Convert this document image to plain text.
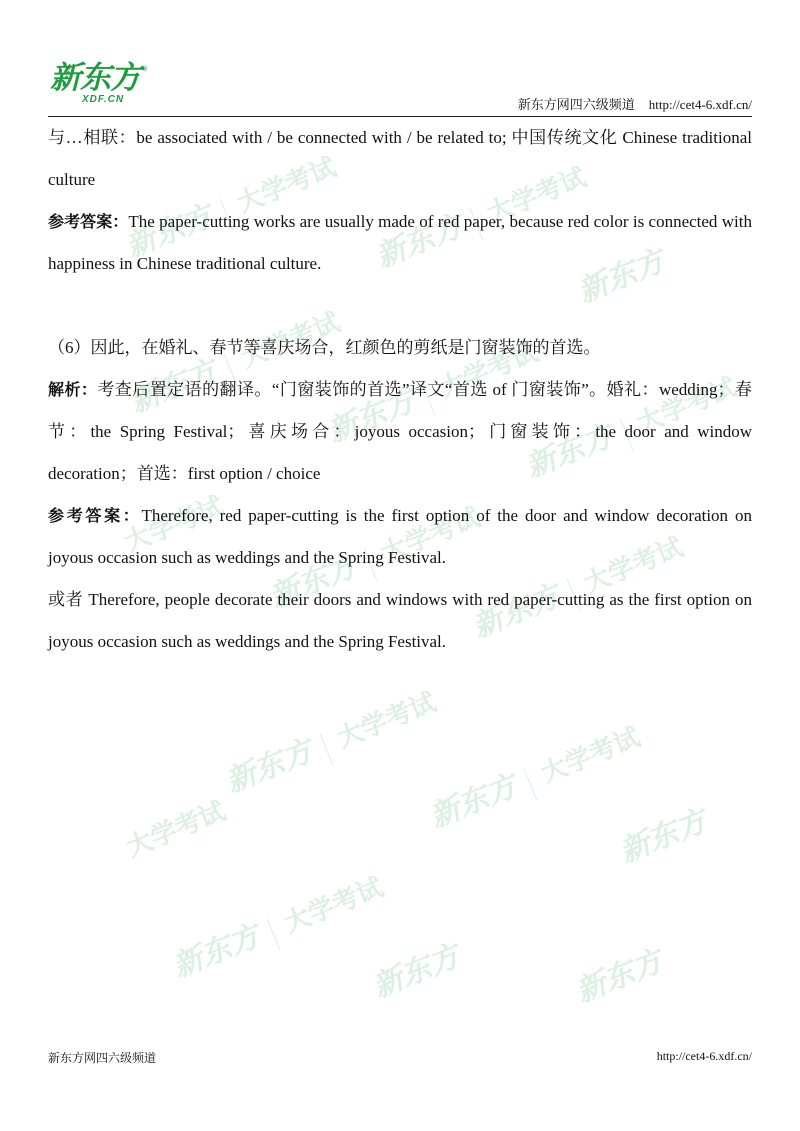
新东方大学考试
新东方大学考试
新东方
新东方大学考试
新东方大学考试
新东方大学考试
大学考试
新东方大学考试
新东方大学考试
新东方大学考试
新东方大学考试
新东方
大学考试
新东方大学考试
新东方	新东方
新东方
XDF.CN
®
新东方网四六级频道 http://cet4-6.xdf.cn/

与…相联：be associated with / be connected with / be related to; 中国传统文化 Chinese traditional culture

参考答案：The paper-cutting works are usually made of red paper, because red color is connected with happiness in Chinese traditional culture.

（6）因此，在婚礼、春节等喜庆场合，红颜色的剪纸是门窗装饰的首选。

解析：考查后置定语的翻译。“门窗装饰的首选”译文“首选 of 门窗装饰”。婚礼：wedding；春节：the Spring Festival；喜庆场合：joyous occasion；门窗装饰：the door and window decoration；首选：first option / choice

参考答案：Therefore, red paper-cutting is the first option of the door and window decoration on joyous occasion such as weddings and the Spring Festival.

或者 Therefore, people decorate their doors and windows with red paper-cutting as the first option on joyous occasion such as weddings and the Spring Festival.

新东方网四六级频道	http://cet4-6.xdf.cn/
